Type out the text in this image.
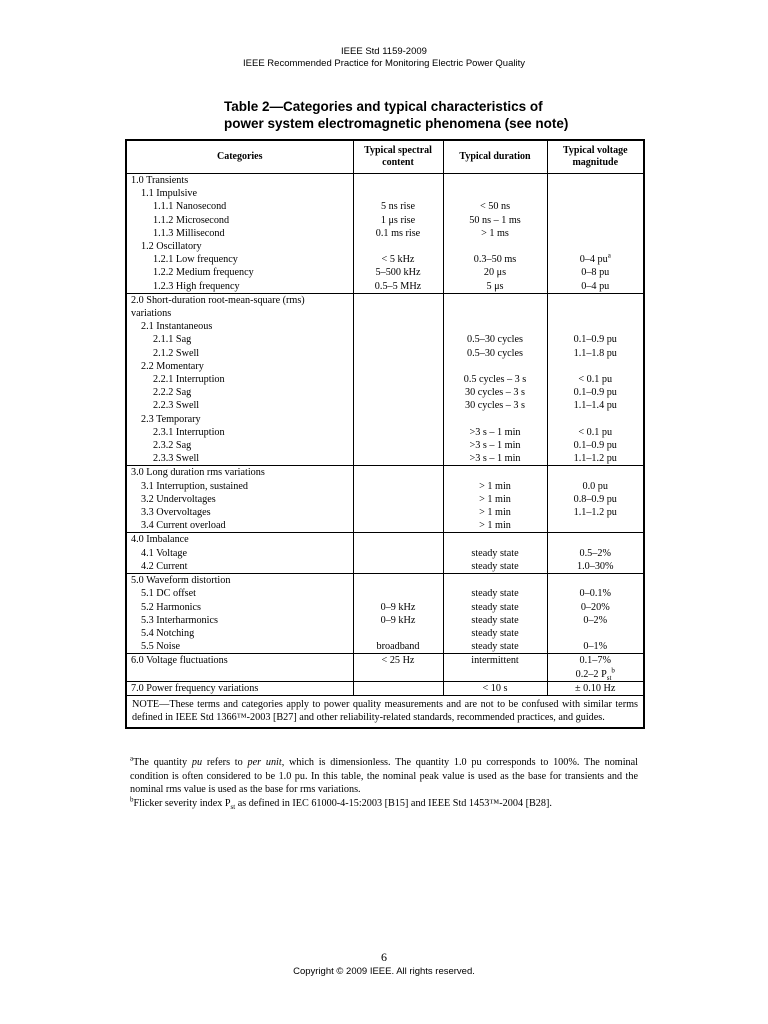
IEEE Std 1159-2009
IEEE Recommended Practice for Monitoring Electric Power Quality
Table 2—Categories and typical characteristics of
power system electromagnetic phenomena (see note)
Categories	Typical spectral content	Typical duration	Typical voltage magnitude
1.0 Transients			
1.1 Impulsive			
1.1.1 Nanosecond	5 ns rise	< 50 ns	
1.1.2 Microsecond	1 μs rise	50 ns – 1 ms	
1.1.3 Millisecond	0.1 ms rise	> 1 ms	
1.2 Oscillatory			
1.2.1 Low frequency	< 5 kHz	0.3–50 ms	0–4 $pu^a$
1.2.2 Medium frequency	5–500 kHz	20 μs	0–8 pu
1.2.3 High frequency	0.5–5 MHz	5 μs	0–4 pu
2.0 Short-duration root-mean-square (rms)			
variations			
2.1 Instantaneous			
2.1.1 Sag		0.5–30 cycles	0.1–0.9 pu
2.1.2 Swell		0.5–30 cycles	1.1–1.8 pu
2.2 Momentary			
2.2.1 Interruption		0.5 cycles – 3 s	< 0.1 pu
2.2.2 Sag		30 cycles – 3 s	0.1–0.9 pu
2.2.3 Swell		30 cycles – 3 s	1.1–1.4 pu
2.3 Temporary			
2.3.1 Interruption		>3 s – 1 min	< 0.1 pu
2.3.2 Sag		>3 s – 1 min	0.1–0.9 pu
2.3.3 Swell		>3 s – 1 min	1.1–1.2 pu
3.0 Long duration rms variations			
3.1 Interruption, sustained		> 1 min	0.0 pu
3.2 Undervoltages		> 1 min	0.8–0.9 pu
3.3 Overvoltages		> 1 min	1.1–1.2 pu
3.4 Current overload		> 1 min	
4.0 Imbalance			
4.1 Voltage		steady state	0.5–2%
4.2 Current		steady state	1.0–30%
5.0 Waveform distortion			
5.1 DC offset		steady state	0–0.1%
5.2 Harmonics	0–9 kHz	steady state	0–20%
5.3 Interharmonics	0–9 kHz	steady state	0–2%
5.4 Notching		steady state	
5.5 Noise	broadband	steady state	0–1%
6.0 Voltage fluctuations	< 25 Hz	intermittent	0.1–7%
			0.2–2 $P_{st}^b$
7.0 Power frequency variations		< 10 s	± 0.10 Hz
NOTE—These terms and categories apply to power quality measurements and are not to be confused with similar terms defined in IEEE Std 1366™-2003 [B27] and other reliability-related standards, recommended practices, and guides.			

$^a$The quantity pu refers to per unit, which is dimensionless. The quantity 1.0 pu corresponds to 100%. The nominal condition is often considered to be 1.0 pu. In this table, the nominal peak value is used as the base for transients and the nominal rms value is used as the base for rms variations.

$^b$Flicker severity index $P_{st}$ as defined in IEC 61000-4-15:2003 [B15] and IEEE Std 1453™-2004 [B28].

6
Copyright © 2009 IEEE. All rights reserved.
